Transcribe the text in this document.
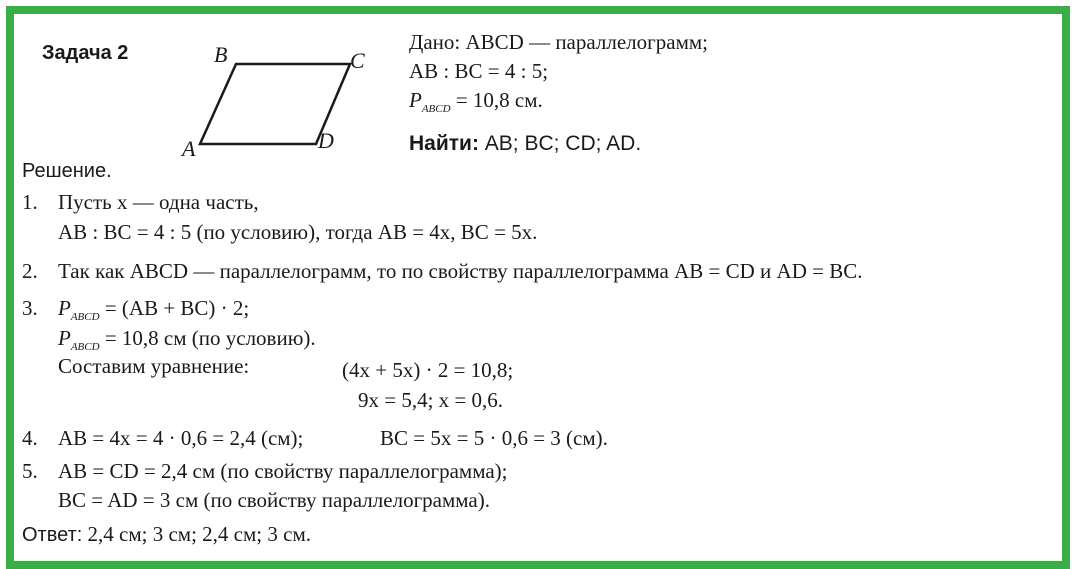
Задача 2
A
B	C
D
Дано: ABCD — параллелограмм;
AB : BC = 4 : 5;
$P_{ABCD} = 10,8$ см.
Найти: AB; BC; CD; AD.
Решение.
1. Пусть x — одна часть,
AB : BC = 4 : 5 (по условию), тогда AB = 4x, BC = 5x.
2. Так как ABCD — параллелограмм, то по свойству параллелограмма AB = CD и AD = BC.
3. $P_{ABCD} = (AB + BC) \cdot 2$;
$P_{ABCD} = 10,8$ см (по условию).
Составим уравнение:	(4x + 5x) · 2 = 10,8;
9x = 5,4; x = 0,6.
4. AB = 4x = 4 · 0,6 = 2,4 (см);	BC = 5x = 5 · 0,6 = 3 (см).
5. AB = CD = 2,4 см (по свойству параллелограмма);
BC = AD = 3 см (по свойству параллелограмма).
Ответ: 2,4 см; 3 см; 2,4 см; 3 см.
